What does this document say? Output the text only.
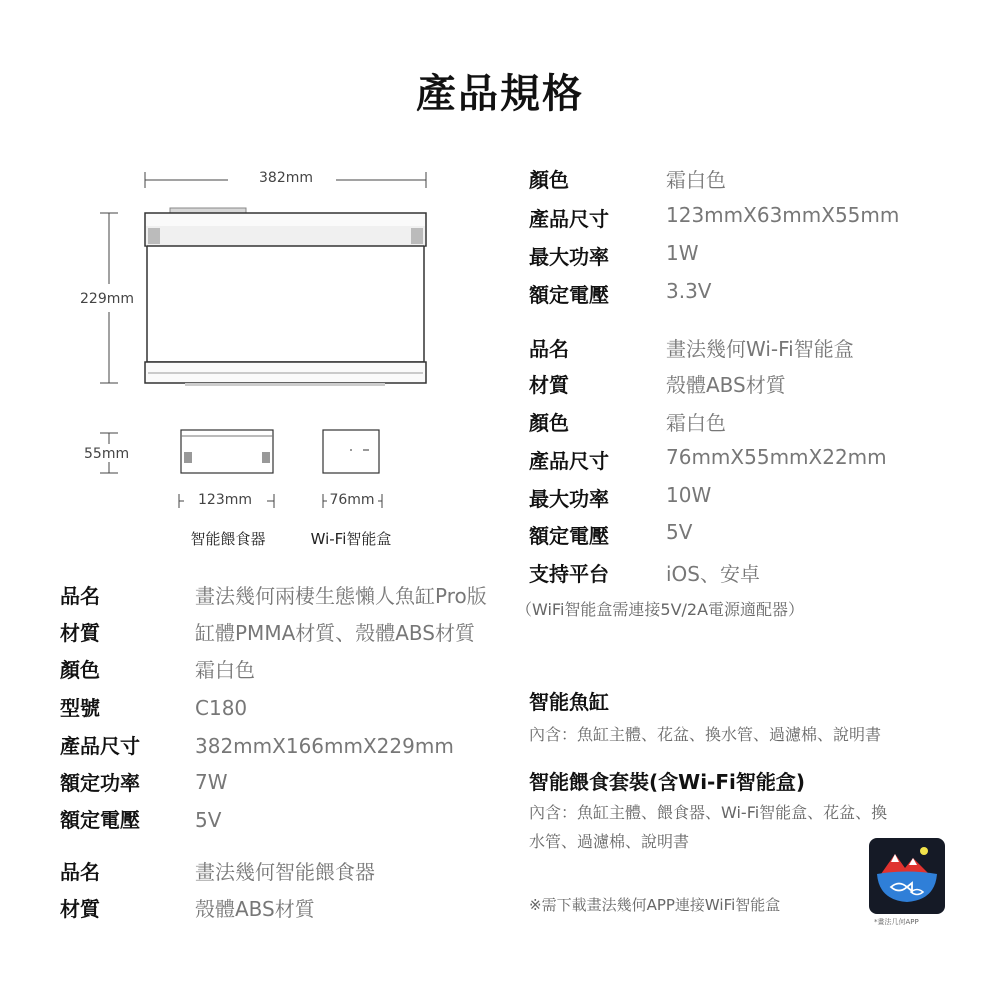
產品規格
382mm
229mm
55mm
123mm	76mm
智能餵食器	Wi-Fi智能盒
顏色	霜白色
產品尺寸	123mmX63mmX55mm
最大功率	1W
額定電壓	3.3V
品名	畫法幾何Wi-Fi智能盒
材質	殼體ABS材質
顏色	霜白色
產品尺寸	76mmX55mmX22mm
最大功率	10W
額定電壓	5V
支持平台	iOS、安卓
（WiFi智能盒需連接5V/2A電源適配器）
品名	畫法幾何兩棲生態懶人魚缸Pro版
材質	缸體PMMA材質、殼體ABS材質
顏色	霜白色
型號	C180
產品尺寸	382mmX166mmX229mm
額定功率	7W
額定電壓	5V
品名	畫法幾何智能餵食器
材質	殼體ABS材質
智能魚缸
內含：魚缸主體、花盆、換水管、過濾棉、說明書
智能餵食套裝(含Wi-Fi智能盒)
內含：魚缸主體、餵食器、Wi-Fi智能盒、花盆、換
水管、過濾棉、說明書
※需下載畫法幾何APP連接WiFi智能盒
*畫法几何APP
